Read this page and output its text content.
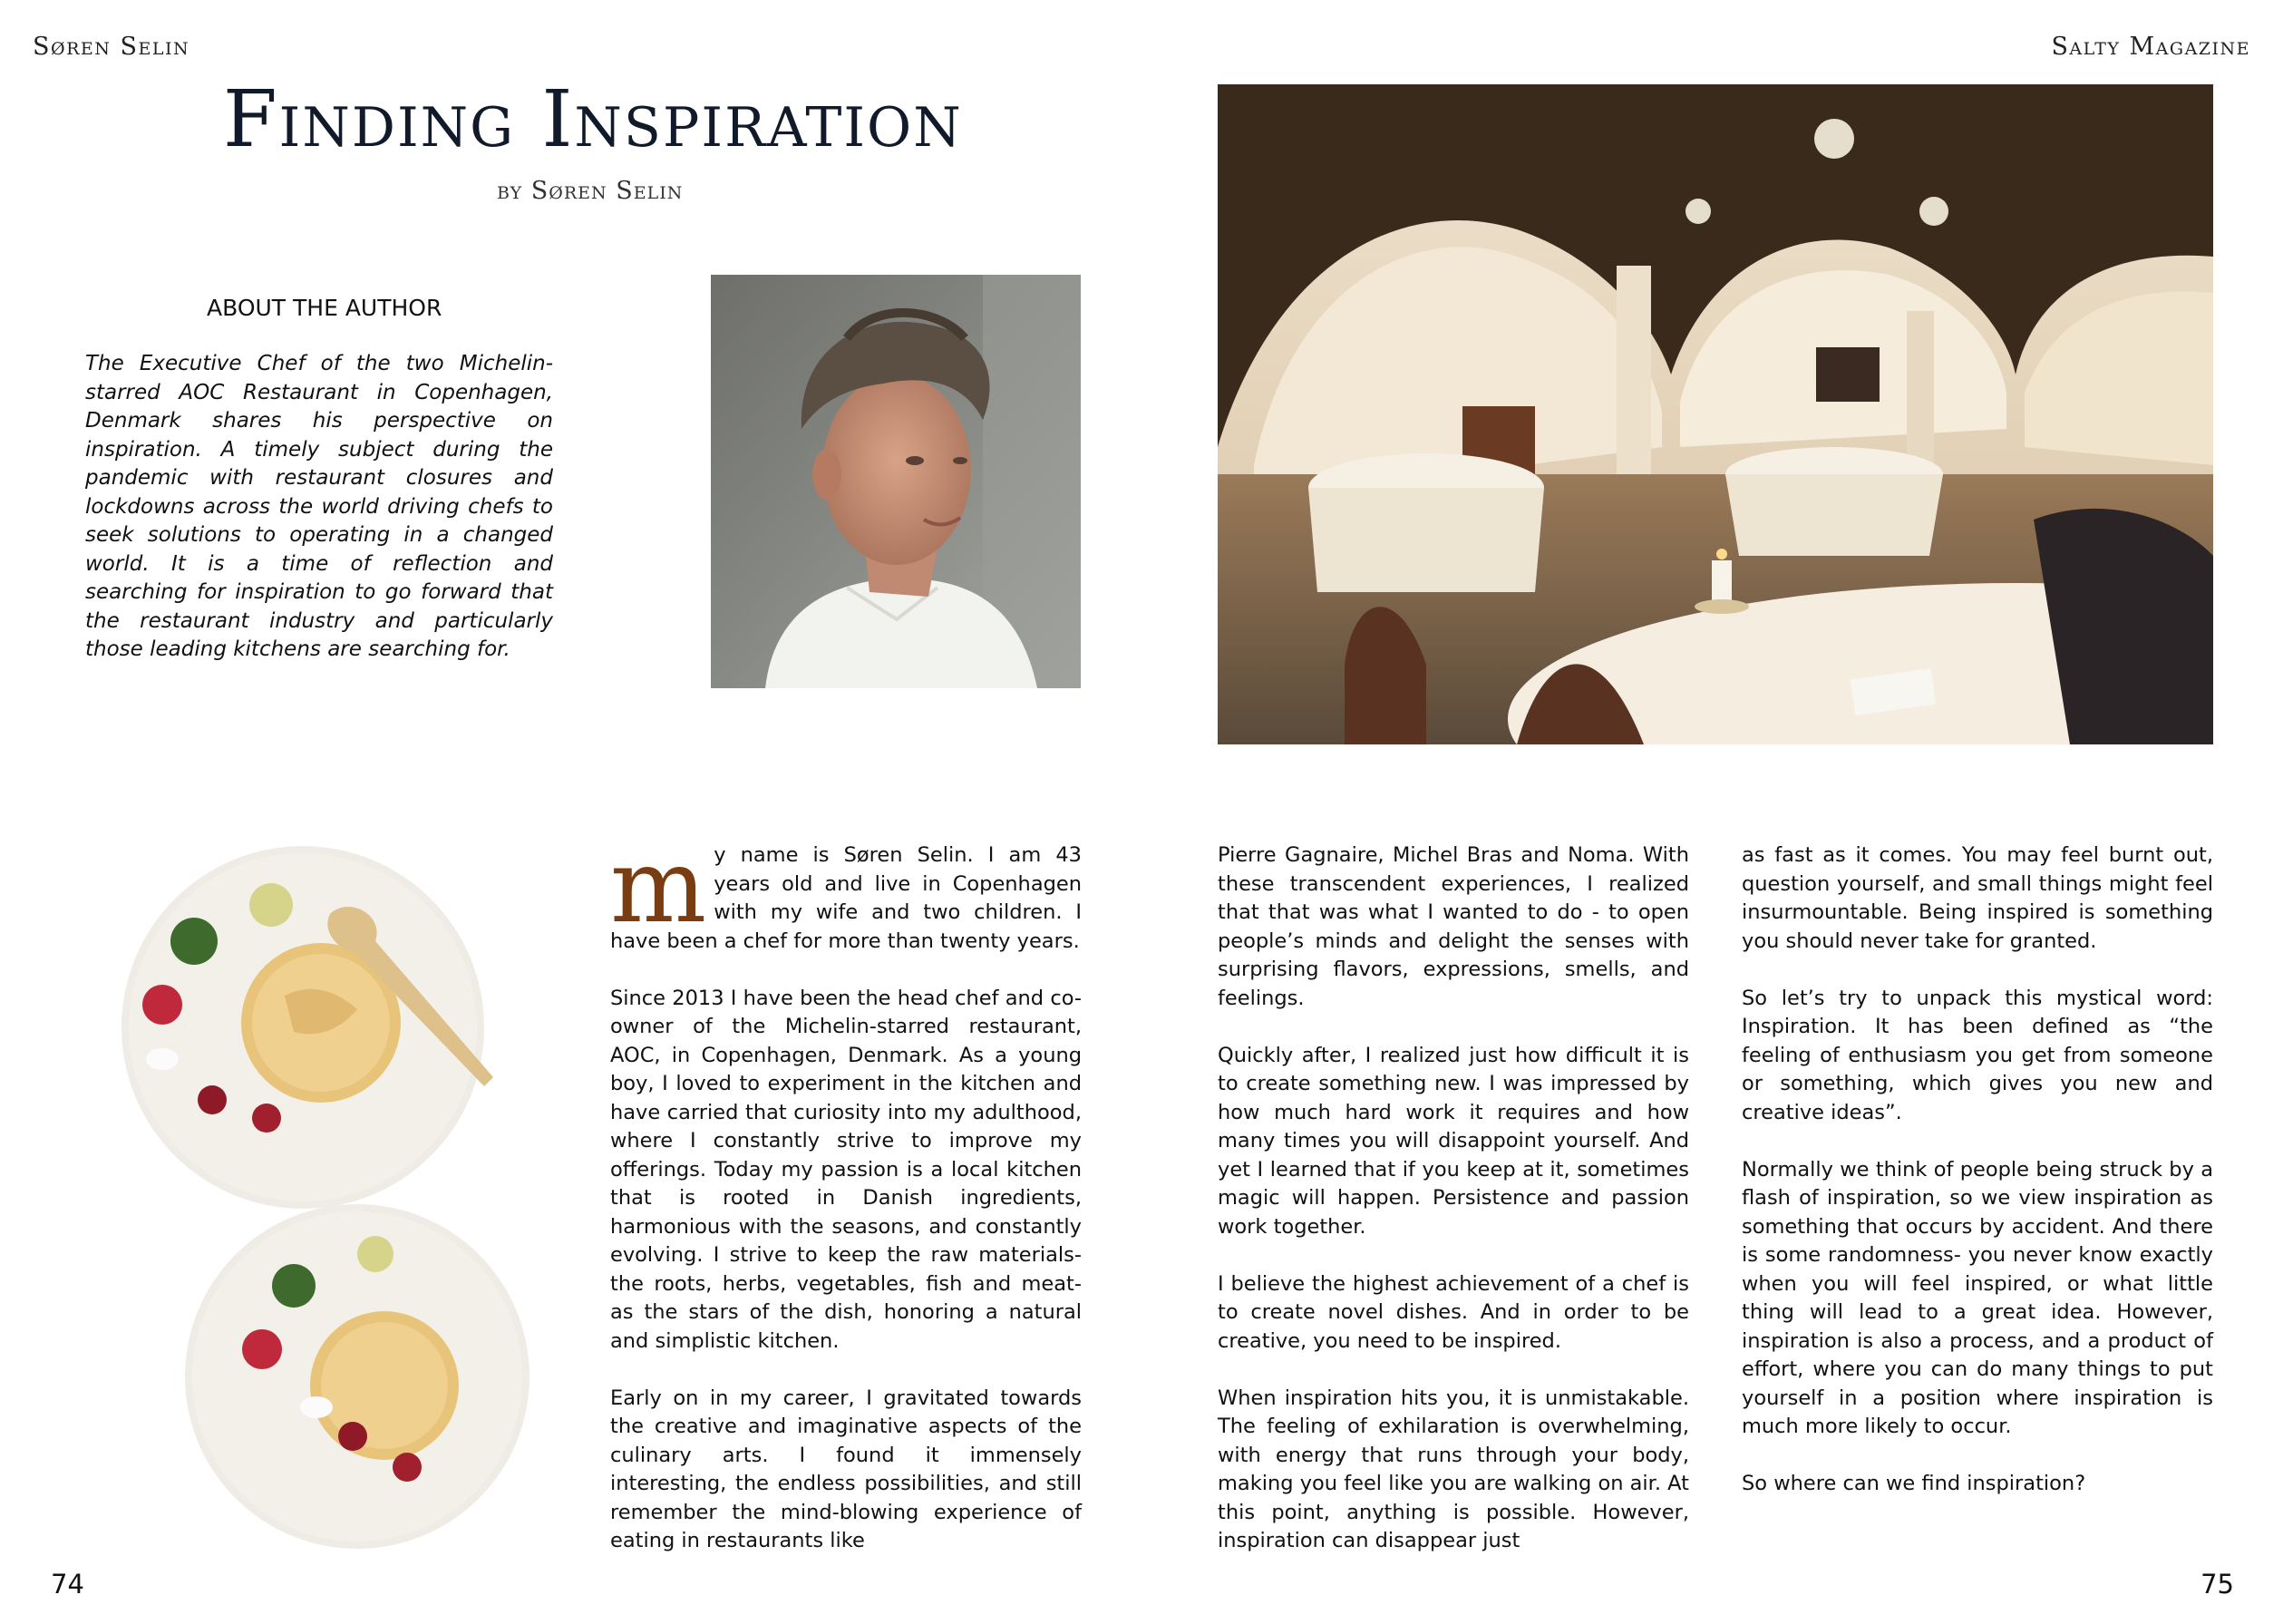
Søren Selin	Salty Magazine
Finding Inspiration
by Søren Selin
ABOUT THE AUTHOR
The Executive Chef of the two Michelin-starred AOC Restaurant in Copenhagen, Denmark shares his perspective on inspiration. A timely subject during the pandemic with restaurant closures and lockdowns across the world driving chefs to seek solutions to operating in a changed world. It is a time of reflection and searching for inspiration to go forward that the restaurant industry and particularly those leading kitchens are searching for.

my name is Søren Selin. I am 43 years old and live in Copenhagen with my wife and two children. I have been a chef for more than twenty years.

Since 2013 I have been the head chef and co-owner of the Michelin-starred restaurant, AOC, in Copenhagen, Denmark. As a young boy, I loved to experiment in the kitchen and have carried that curiosity into my adulthood, where I constantly strive to improve my offerings. Today my passion is a local kitchen that is rooted in Danish ingredients, harmonious with the seasons, and constantly evolving. I strive to keep the raw materials- the roots, herbs, vegetables, fish and meat- as the stars of the dish, honoring a natural and simplistic kitchen.

Early on in my career, I gravitated towards the creative and imaginative aspects of the culinary arts. I found it immensely interesting, the endless possibilities, and still remember the mind-blowing experience of eating in restaurants like

Pierre Gagnaire, Michel Bras and Noma. With these transcendent experiences, I realized that that was what I wanted to do - to open people’s minds and delight the senses with surprising flavors, expressions, smells, and feelings.

Quickly after, I realized just how difficult it is to create something new. I was impressed by how much hard work it requires and how many times you will disappoint yourself. And yet I learned that if you keep at it, sometimes magic will happen. Persistence and passion work together.

I believe the highest achievement of a chef is to create novel dishes. And in order to be creative, you need to be inspired.

When inspiration hits you, it is unmistakable. The feeling of exhilaration is overwhelming, with energy that runs through your body, making you feel like you are walking on air. At this point, anything is possible. However, inspiration can disappear just

as fast as it comes. You may feel burnt out, question yourself, and small things might feel insurmountable. Being inspired is something you should never take for granted.

So let’s try to unpack this mystical word: Inspiration. It has been defined as “the feeling of enthusiasm you get from someone or something, which gives you new and creative ideas”.

Normally we think of people being struck by a flash of inspiration, so we view inspiration as something that occurs by accident. And there is some randomness- you never know exactly when you will feel inspired, or what little thing will lead to a great idea. However, inspiration is also a process, and a product of effort, where you can do many things to put yourself in a position where inspiration is much more likely to occur.

So where can we find inspiration?

74	75
